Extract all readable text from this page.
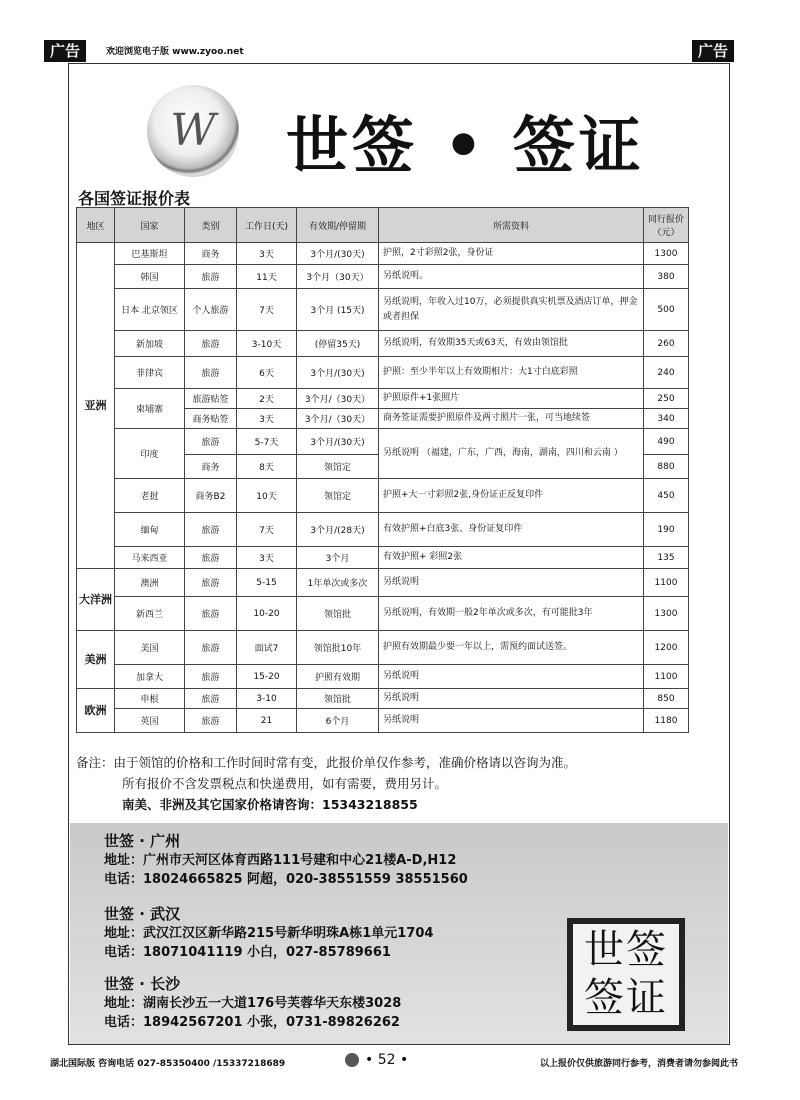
广告	欢迎浏览电子版 www.zyoo.net	广告
W	世签 • 签证
各国签证报价表
地区	国家	类别	工作日(天)	有效期/停留期	所需资料	同行报价（元）
亚洲	巴基斯坦	商务	3天	3个月/(30天)	护照，2寸彩照2张，身份证	1300
	韩国	旅游	11天	3个月（30天）	另纸说明。	380
	日本 北京领区	个人旅游	7天	3个月 (15天)	另纸说明，年收入过10万，必须提供真实机票及酒店订单，押金或者担保	500
	新加坡	旅游	3-10天	(停留35天)	另纸说明，有效期35天或63天，有效由领馆批	260
	菲律宾	旅游	6天	3个月/(30天)	护照：至少半年以上有效期相片：大1寸白底彩照	240
	柬埔寨	旅游贴签	2天	3个月/（30天）	护照原件+1张照片	250
		商务贴签	3天	3个月/（30天）	商务签证需要护照原件及两寸照片一张，可当地续签	340
	印度	旅游	5-7天	3个月/(30天)	另纸说明 （福建，广东，广西，海南，湖南，四川和云南 ）	490
		商务	8天	领馆定		880
	老挝	商务B2	10天	领馆定	护照+大一寸彩照2张,身份证正反复印件	450
	缅甸	旅游	7天	3个月/(28天)	有效护照+白底3张、身份证复印件	190
	马来西亚	旅游	3天	3个月	有效护照+ 彩照2张	135
大洋洲	澳洲	旅游	5-15	1年单次或多次	另纸说明	1100
	新西兰	旅游	10-20	领馆批	另纸说明，有效期一般2年单次或多次，有可能批3年	1300
美洲	美国	旅游	面试7	领馆批10年	护照有效期最少要一年以上，需预约面试送签。	1200
	加拿大	旅游	15-20	护照有效期	另纸说明	1100
欧洲	申根	旅游	3-10	领馆批	另纸说明	850
	英国	旅游	21	6个月	另纸说明	1180
备注：由于领馆的价格和工作时间时常有变，此报价单仅作参考，准确价格请以咨询为准。
所有报价不含发票税点和快递费用，如有需要，费用另计。
南美、非洲及其它国家价格请咨询：15343218855
世签 · 广州
地址：广州市天河区体育西路111号建和中心21楼A-D,H12
电话：18024665825 阿超，020-38551559 38551560
世签 · 武汉
地址：武汉江汉区新华路215号新华明珠A栋1单元1704
电话：18071041119 小白，027-85789661
世签 · 长沙
地址：湖南长沙五一大道176号芙蓉华天东楼3028
电话：18942567201 小张，0731-89826262
世签
签证
湖北国际版 咨询电话 027-85350400 /15337218689	• 52 •	以上报价仅供旅游同行参考，消费者请勿参阅此书
